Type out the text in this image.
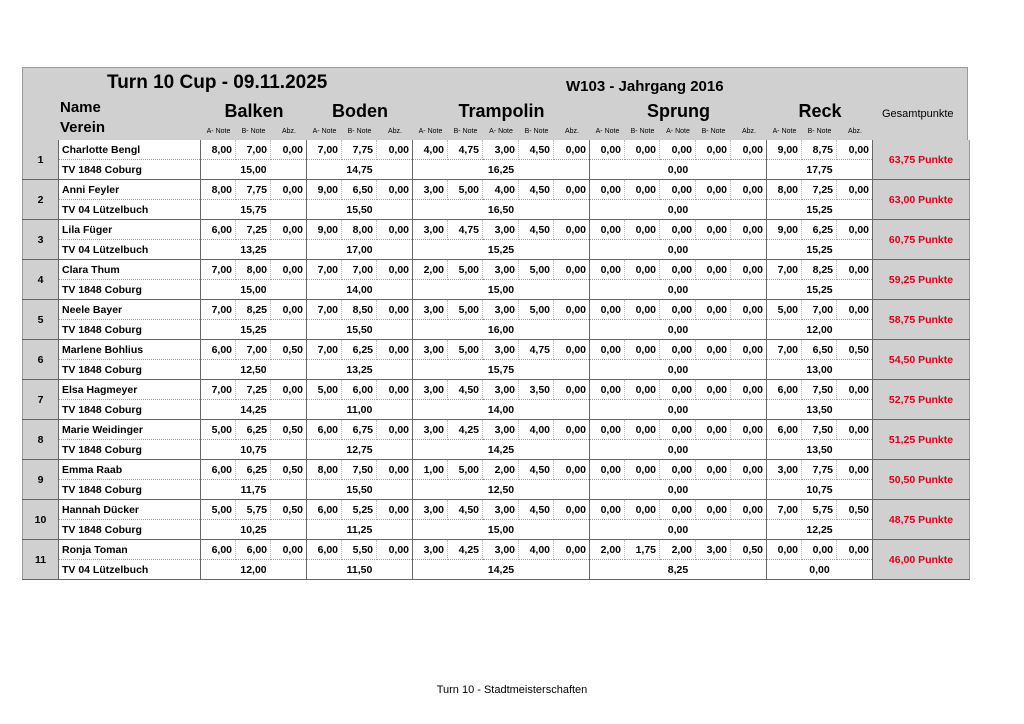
Turn 10 Cup - 09.11.2025	W103 - Jahrgang 2016
Name
Verein
Gesamtpunkte
Balken
A- Note	B- Note	Abz.
Boden
A- Note	B- Note	Abz.
Trampolin
A- Note	B- Note	A- Note	B- Note	Abz.
Sprung
A- Note	B- Note	A- Note	B- Note	Abz.
Reck
A- Note	B- Note	Abz.
1	Charlotte Bengl	8,00	7,00	0,00	7,00	7,75	0,00	4,00	4,75	3,00	4,50	0,00	0,00	0,00	0,00	0,00	0,00	9,00	8,75	0,00	63,75 Punkte
	TV 1848 Coburg	15,00			14,75			16,25					0,00					17,75			
2	Anni Feyler	8,00	7,75	0,00	9,00	6,50	0,00	3,00	5,00	4,00	4,50	0,00	0,00	0,00	0,00	0,00	0,00	8,00	7,25	0,00	63,00 Punkte
	TV 04 Lützelbuch	15,75			15,50			16,50					0,00					15,25			
3	Lila Füger	6,00	7,25	0,00	9,00	8,00	0,00	3,00	4,75	3,00	4,50	0,00	0,00	0,00	0,00	0,00	0,00	9,00	6,25	0,00	60,75 Punkte
	TV 04 Lützelbuch	13,25			17,00			15,25					0,00					15,25			
4	Clara Thum	7,00	8,00	0,00	7,00	7,00	0,00	2,00	5,00	3,00	5,00	0,00	0,00	0,00	0,00	0,00	0,00	7,00	8,25	0,00	59,25 Punkte
	TV 1848 Coburg	15,00			14,00			15,00					0,00					15,25			
5	Neele Bayer	7,00	8,25	0,00	7,00	8,50	0,00	3,00	5,00	3,00	5,00	0,00	0,00	0,00	0,00	0,00	0,00	5,00	7,00	0,00	58,75 Punkte
	TV 1848 Coburg	15,25			15,50			16,00					0,00					12,00			
6	Marlene Bohlius	6,00	7,00	0,50	7,00	6,25	0,00	3,00	5,00	3,00	4,75	0,00	0,00	0,00	0,00	0,00	0,00	7,00	6,50	0,50	54,50 Punkte
	TV 1848 Coburg	12,50			13,25			15,75					0,00					13,00			
7	Elsa Hagmeyer	7,00	7,25	0,00	5,00	6,00	0,00	3,00	4,50	3,00	3,50	0,00	0,00	0,00	0,00	0,00	0,00	6,00	7,50	0,00	52,75 Punkte
	TV 1848 Coburg	14,25			11,00			14,00					0,00					13,50			
8	Marie Weidinger	5,00	6,25	0,50	6,00	6,75	0,00	3,00	4,25	3,00	4,00	0,00	0,00	0,00	0,00	0,00	0,00	6,00	7,50	0,00	51,25 Punkte
	TV 1848 Coburg	10,75			12,75			14,25					0,00					13,50			
9	Emma Raab	6,00	6,25	0,50	8,00	7,50	0,00	1,00	5,00	2,00	4,50	0,00	0,00	0,00	0,00	0,00	0,00	3,00	7,75	0,00	50,50 Punkte
	TV 1848 Coburg	11,75			15,50			12,50					0,00					10,75			
10	Hannah Dücker	5,00	5,75	0,50	6,00	5,25	0,00	3,00	4,50	3,00	4,50	0,00	0,00	0,00	0,00	0,00	0,00	7,00	5,75	0,50	48,75 Punkte
	TV 1848 Coburg	10,25			11,25			15,00					0,00					12,25			
11	Ronja Toman	6,00	6,00	0,00	6,00	5,50	0,00	3,00	4,25	3,00	4,00	0,00	2,00	1,75	2,00	3,00	0,50	0,00	0,00	0,00	46,00 Punkte
	TV 04 Lützelbuch	12,00			11,50			14,25					8,25					0,00			
Turn 10 - Stadtmeisterschaften
